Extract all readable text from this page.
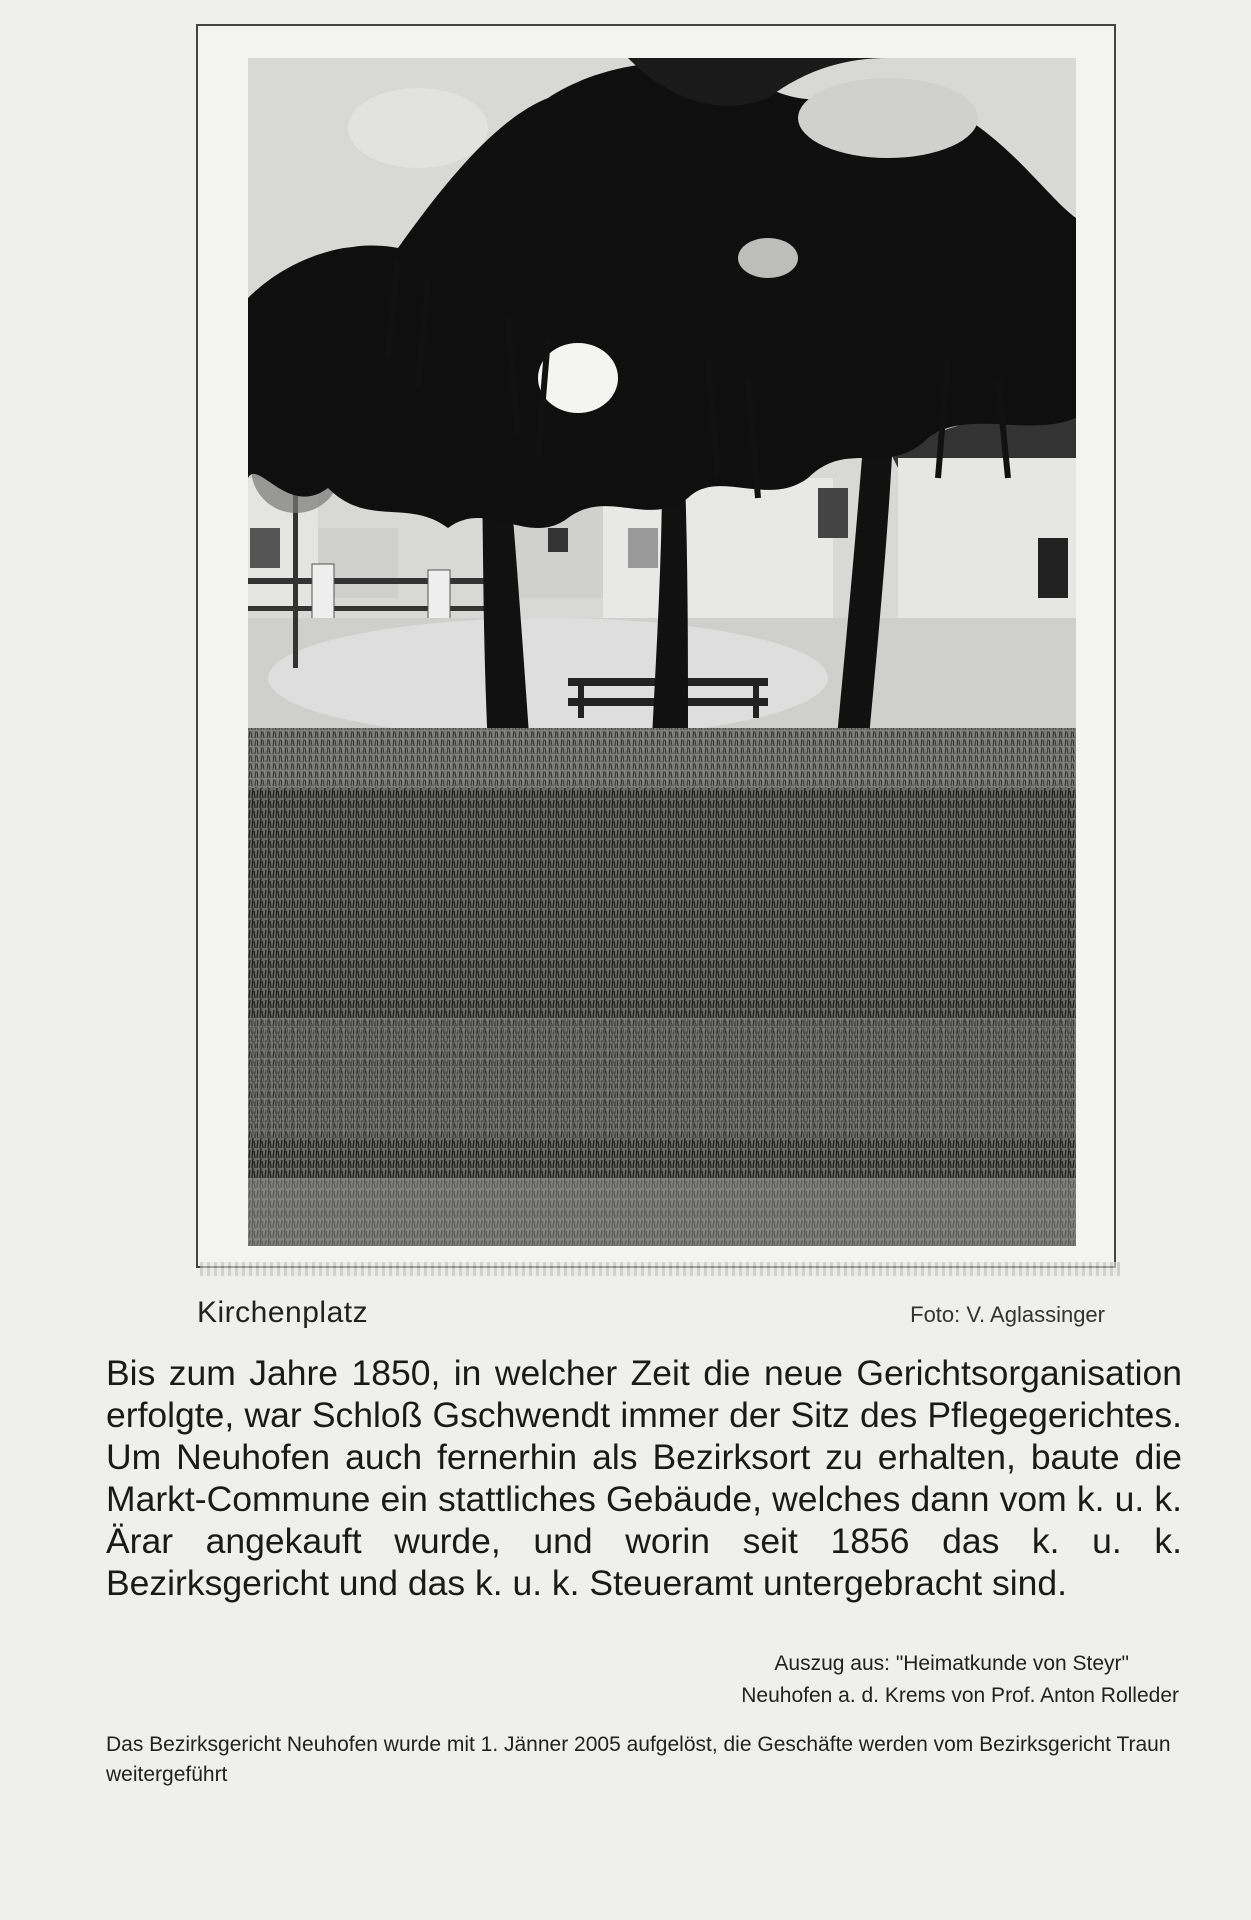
Kirchenplatz	Foto: V. Aglassinger
Bis zum Jahre 1850, in welcher Zeit die neue Gerichtsorganisation erfolgte, war Schloß Gschwendt immer der Sitz des Pflegegerichtes. Um Neuhofen auch fernerhin als Bezirksort zu erhalten, baute die Markt-Commune ein stattliches Gebäude, welches dann vom k. u. k. Ärar angekauft wurde, und worin seit 1856 das k. u. k. Bezirksgericht und das k. u. k. Steueramt untergebracht sind.
Auszug aus: "Heimatkunde von Steyr"
Neuhofen a. d. Krems von Prof. Anton Rolleder
Das Bezirksgericht Neuhofen wurde mit 1. Jänner 2005 aufgelöst, die Geschäfte werden vom Bezirksgericht Traun weitergeführt
